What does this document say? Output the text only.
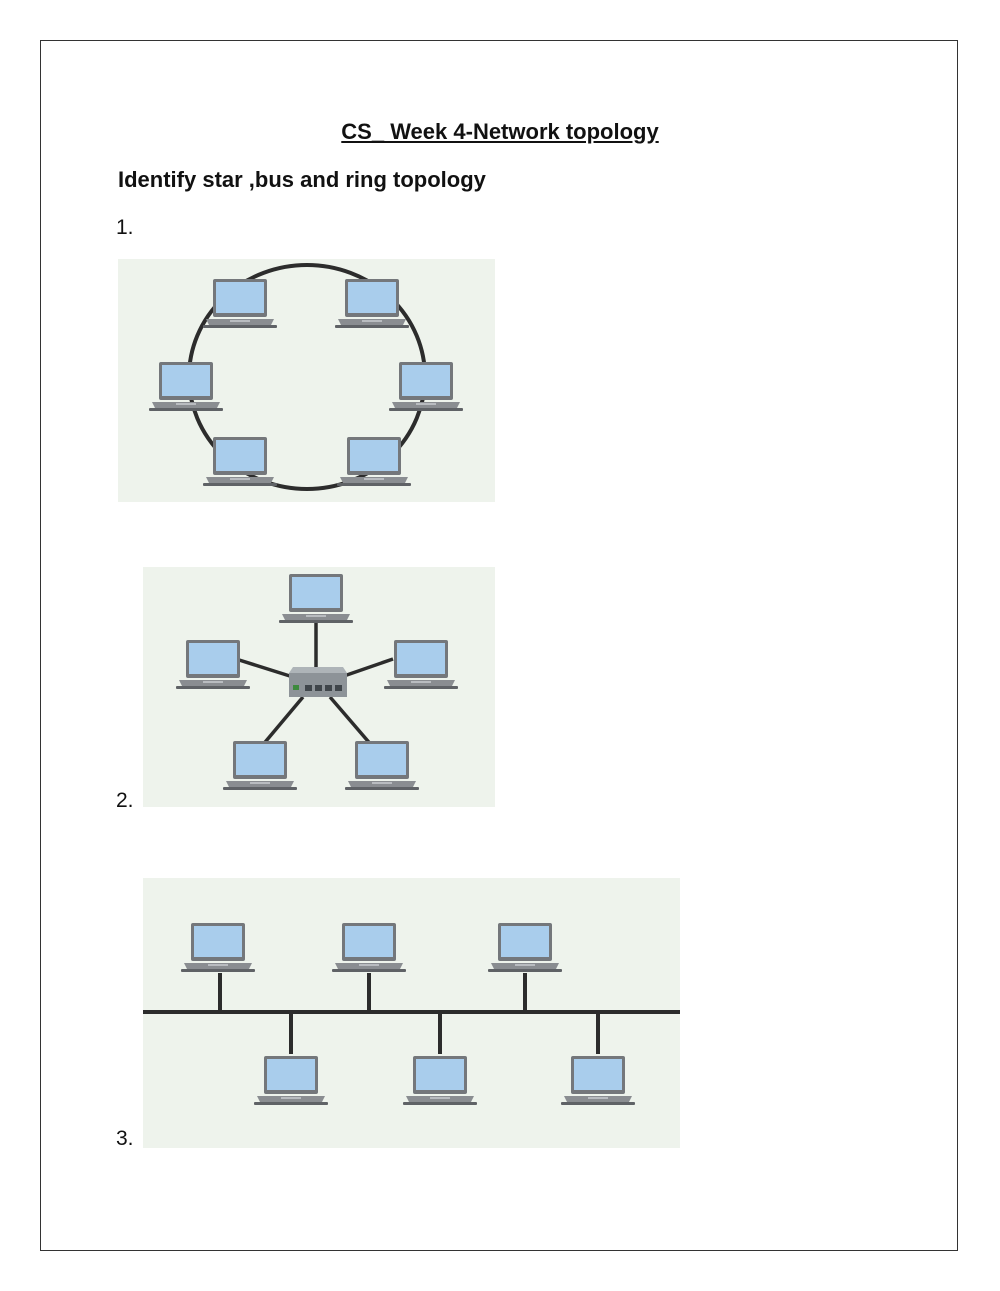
CS_ Week 4-Network topology
Identify star ,bus and ring topology
1.
2.
3.
